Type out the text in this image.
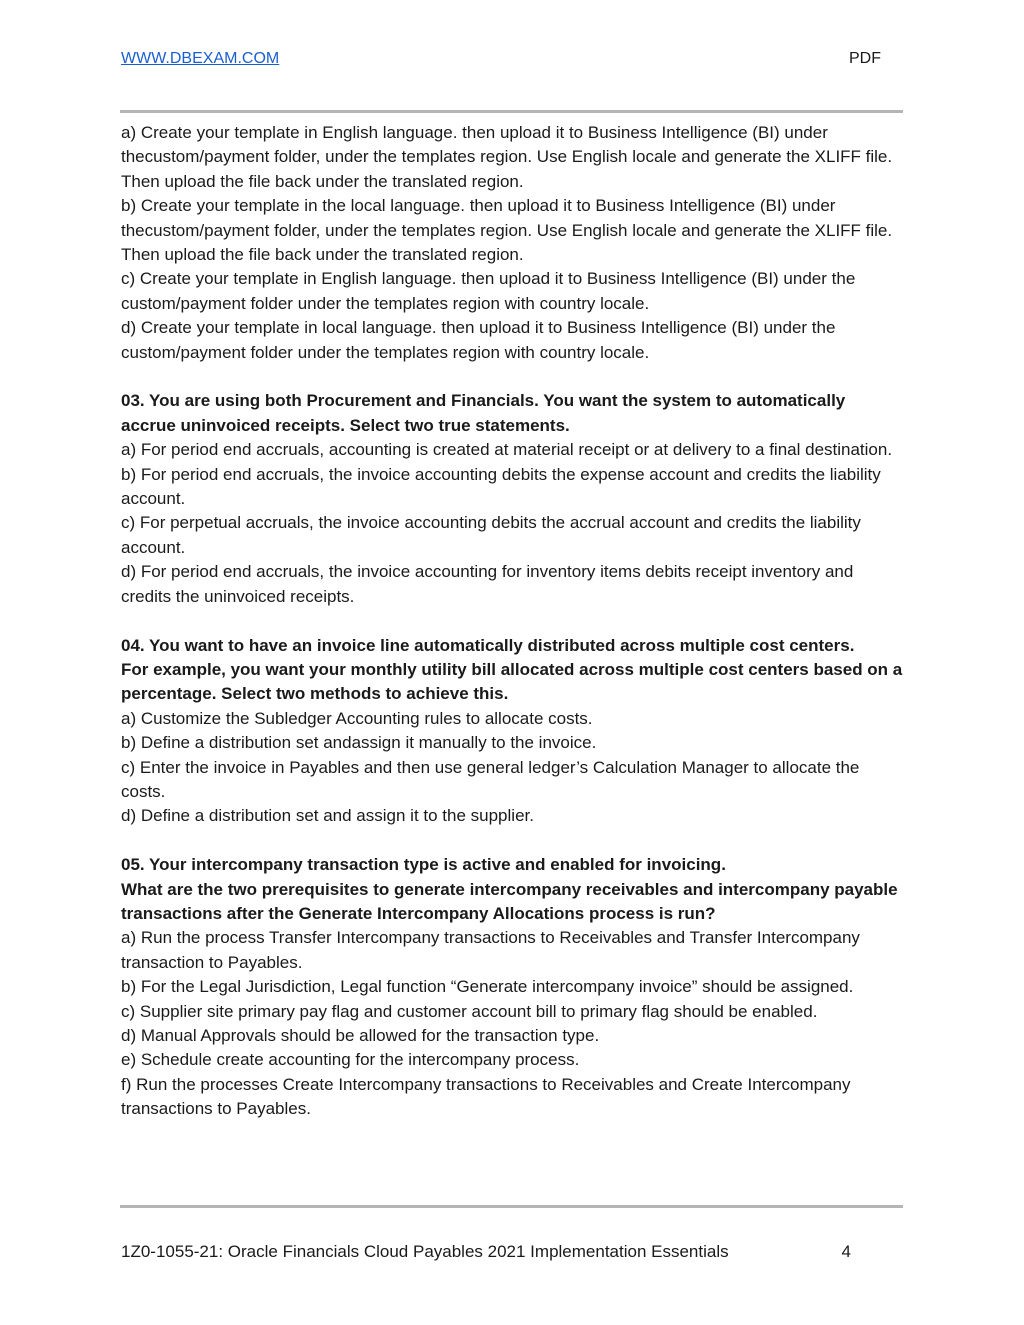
WWW.DBEXAM.COM	PDF

a) Create your template in English language. then upload it to Business Intelligence (BI) under thecustom/payment folder, under the templates region. Use English locale and generate the XLIFF file. Then upload the file back under the translated region.

b) Create your template in the local language. then upload it to Business Intelligence (BI) under thecustom/payment folder, under the templates region. Use English locale and generate the XLIFF file. Then upload the file back under the translated region.

c) Create your template in English language. then upload it to Business Intelligence (BI) under the custom/payment folder under the templates region with country locale.

d) Create your template in local language. then upload it to Business Intelligence (BI) under the custom/payment folder under the templates region with country locale.

03. You are using both Procurement and Financials. You want the system to automatically accrue uninvoiced receipts. Select two true statements.

a) For period end accruals, accounting is created at material receipt or at delivery to a final destination.

b) For period end accruals, the invoice accounting debits the expense account and credits the liability account.

c) For perpetual accruals, the invoice accounting debits the accrual account and credits the liability account.

d) For period end accruals, the invoice accounting for inventory items debits receipt inventory and credits the uninvoiced receipts.

04. You want to have an invoice line automatically distributed across multiple cost centers.

For example, you want your monthly utility bill allocated across multiple cost centers based on a percentage. Select two methods to achieve this.

a) Customize the Subledger Accounting rules to allocate costs.

b) Define a distribution set andassign it manually to the invoice.

c) Enter the invoice in Payables and then use general ledger’s Calculation Manager to allocate the costs.

d) Define a distribution set and assign it to the supplier.

05. Your intercompany transaction type is active and enabled for invoicing.

What are the two prerequisites to generate intercompany receivables and intercompany payable transactions after the Generate Intercompany Allocations process is run?

a) Run the process Transfer Intercompany transactions to Receivables and Transfer Intercompany transaction to Payables.

b) For the Legal Jurisdiction, Legal function “Generate intercompany invoice” should be assigned.

c) Supplier site primary pay flag and customer account bill to primary flag should be enabled.

d) Manual Approvals should be allowed for the transaction type.

e) Schedule create accounting for the intercompany process.

f) Run the processes Create Intercompany transactions to Receivables and Create Intercompany transactions to Payables.

1Z0-1055-21: Oracle Financials Cloud Payables 2021 Implementation Essentials	4
